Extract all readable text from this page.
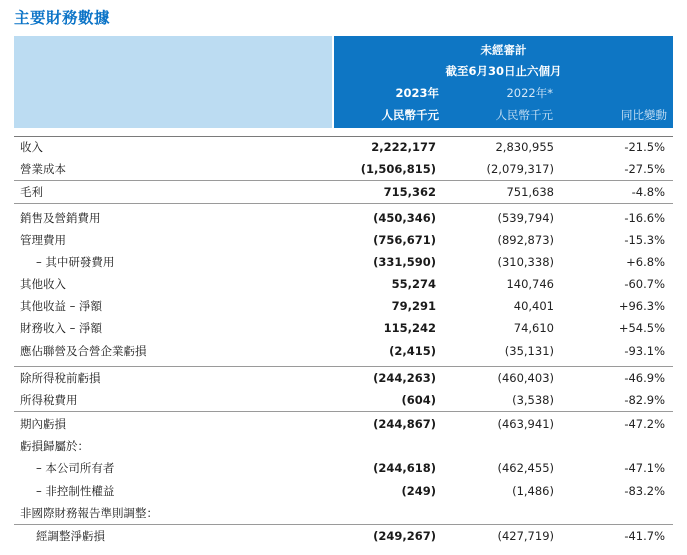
主要財務數據
未經審計
截至6月30日止六個月
2023年	2022年*
人民幣千元	人民幣千元	同比變動
收入	2,222,177	2,830,955	-21.5%
營業成本	(1,506,815)	(2,079,317)	-27.5%
毛利	715,362	751,638	-4.8%
銷售及營銷費用	(450,346)	(539,794)	-16.6%
管理費用	(756,671)	(892,873)	-15.3%
– 其中研發費用	(331,590)	(310,338)	+6.8%
其他收入	55,274	140,746	-60.7%
其他收益 – 淨額	79,291	40,401	+96.3%
財務收入 – 淨額	115,242	74,610	+54.5%
應佔聯營及合營企業虧損	(2,415)	(35,131)	-93.1%
除所得稅前虧損	(244,263)	(460,403)	-46.9%
所得稅費用	(604)	(3,538)	-82.9%
期內虧損	(244,867)	(463,941)	-47.2%
虧損歸屬於：
– 本公司所有者	(244,618)	(462,455)	-47.1%
– 非控制性權益	(249)	(1,486)	-83.2%
非國際財務報告準則調整：
經調整淨虧損	(249,267)	(427,719)	-41.7%
